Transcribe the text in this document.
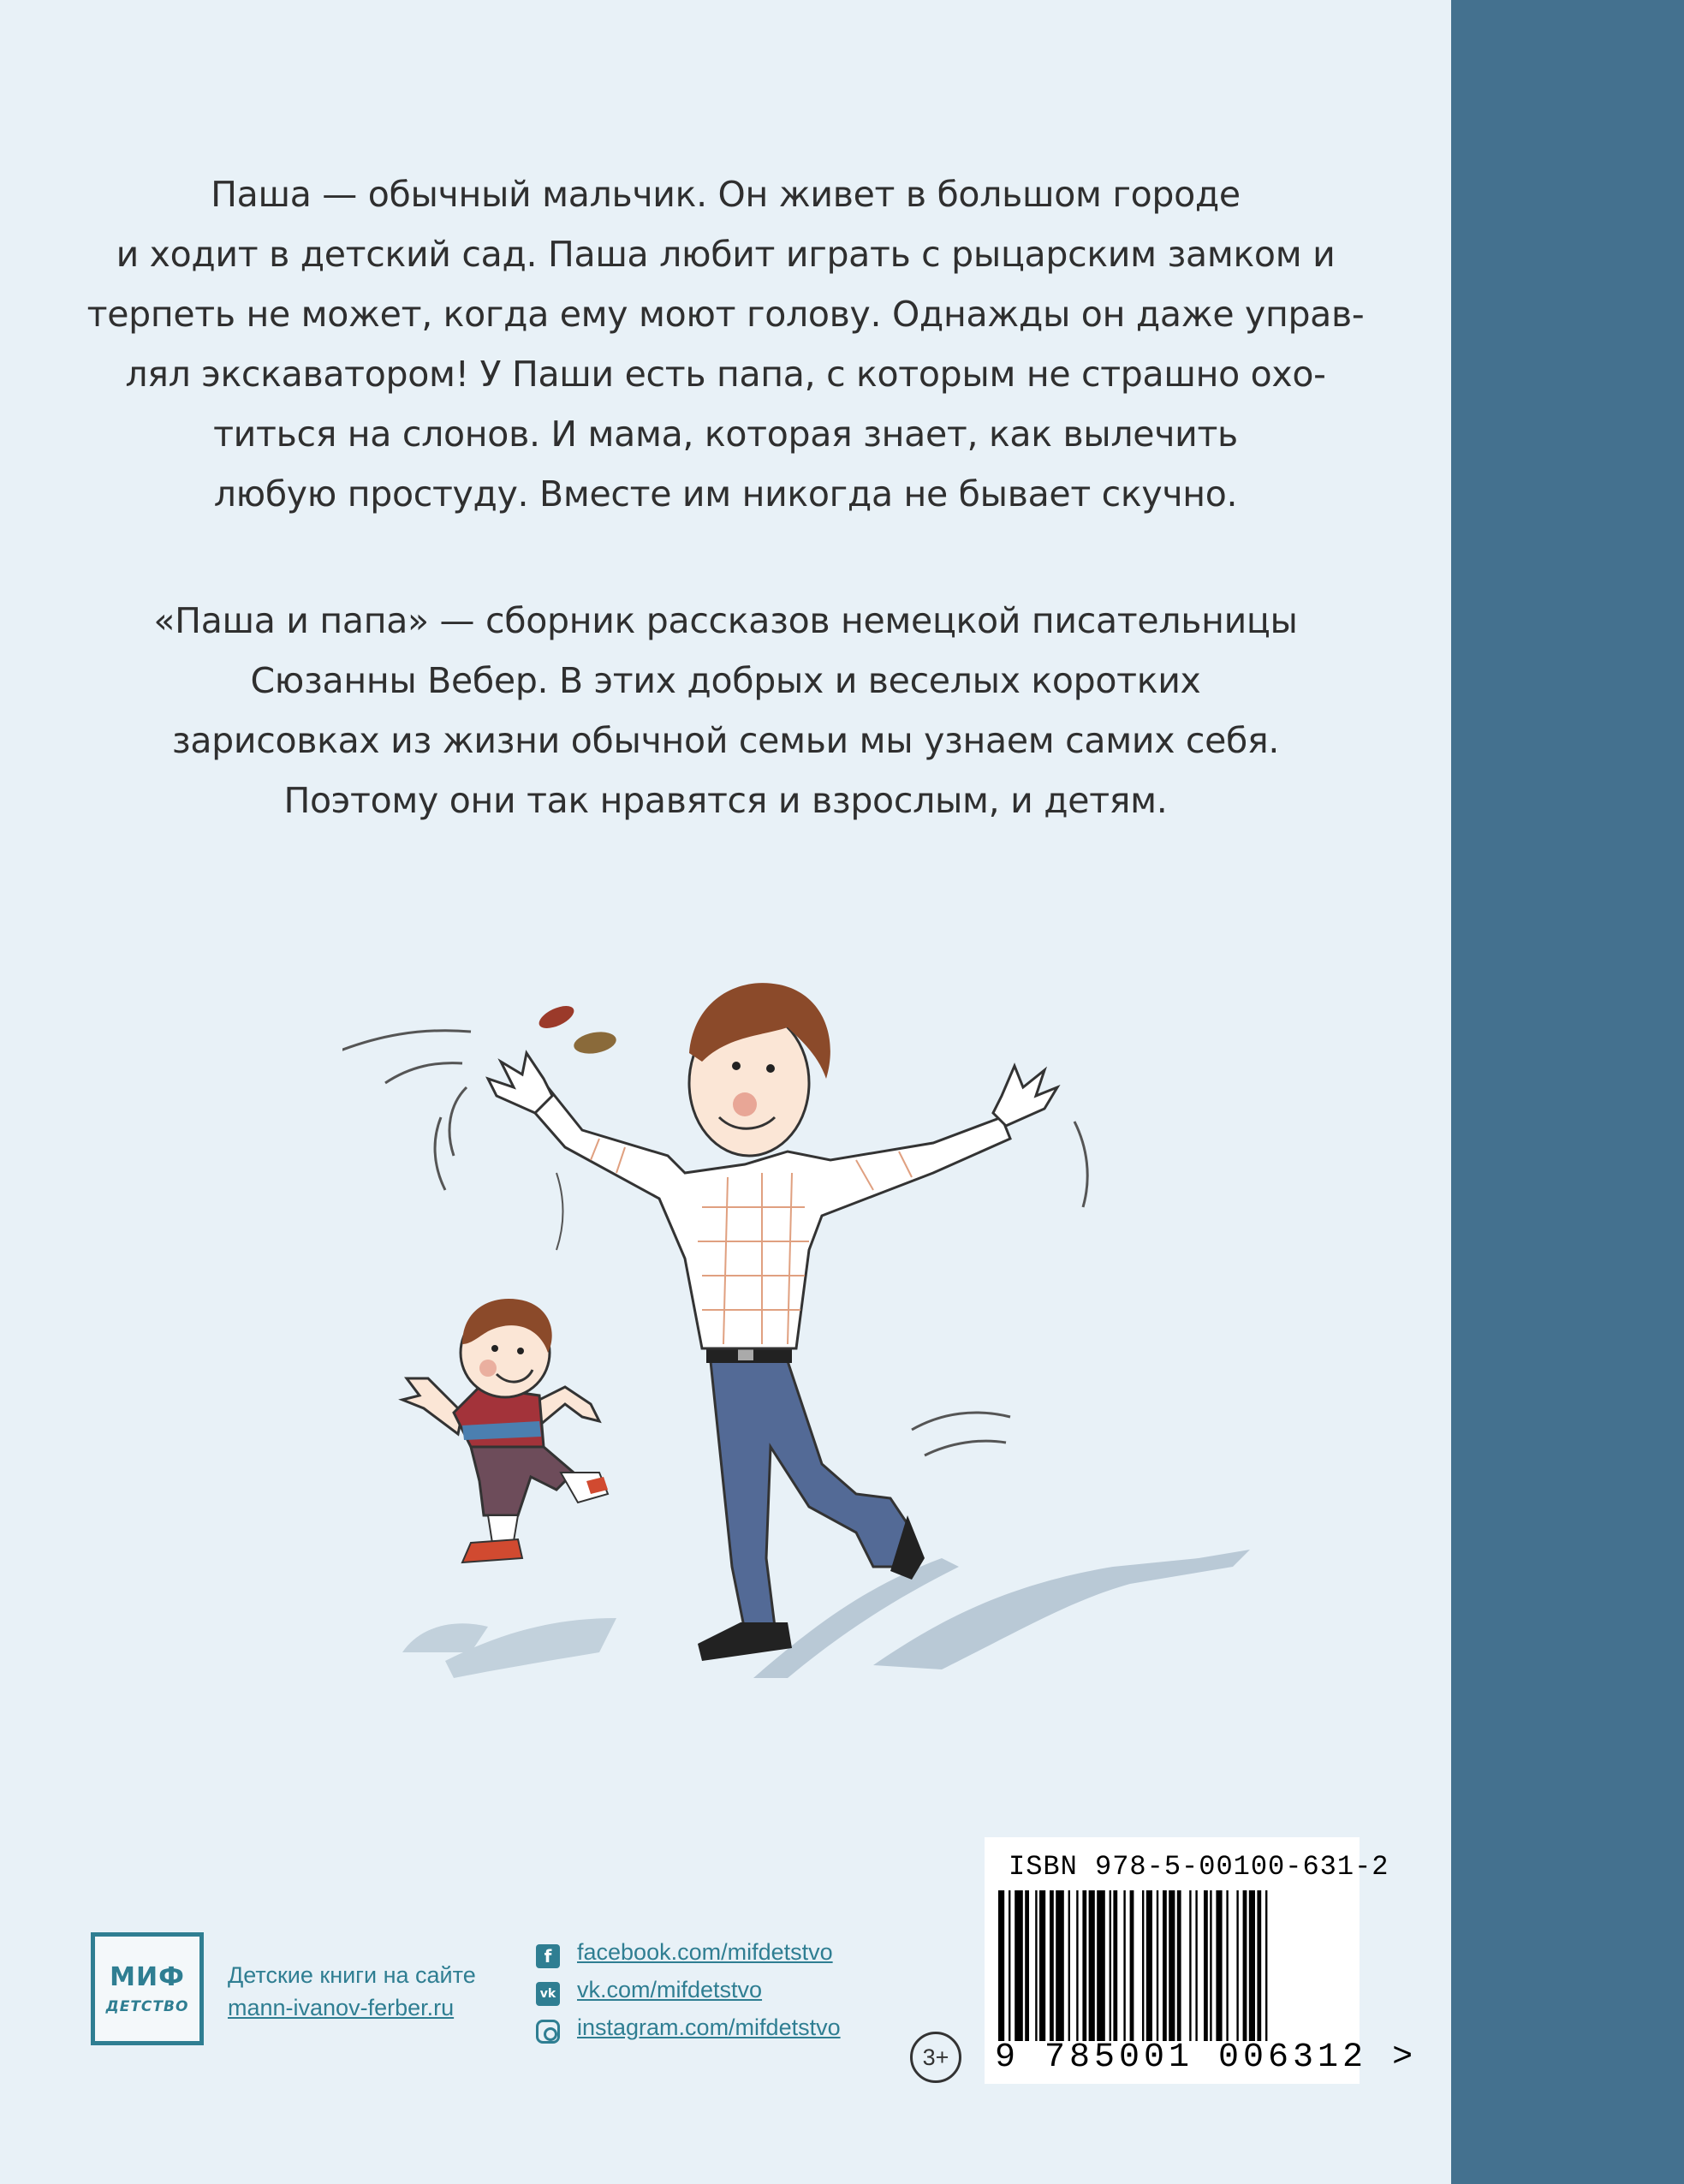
Паша — обычный мальчик. Он живет в большом городе
и ходит в детский сад. Паша любит играть с рыцарским замком и
терпеть не может, когда ему моют голову. Однажды он даже управ-
лял экскаватором! У Паши есть папа, с которым не страшно охо-
титься на слонов. И мама, которая знает, как вылечить
любую простуду. Вместе им никогда не бывает скучно.
«Паша и папа» — сборник рассказов немецкой писательницы
Сюзанны Вебер. В этих добрых и веселых коротких
зарисовках из жизни обычной семьи мы узнаем самих себя.
Поэтому они так нравятся и взрослым, и детям.
МИФ
ДЕТСТВО
Детские книги на сайте
mann-ivanov-ferber.ru
f	facebook.com/mifdetstvo
vk vk.com/mifdetstvo
instagram.com/mifdetstvo
3+
ISBN 978-5-00100-631-2
9 785001 006312 >
